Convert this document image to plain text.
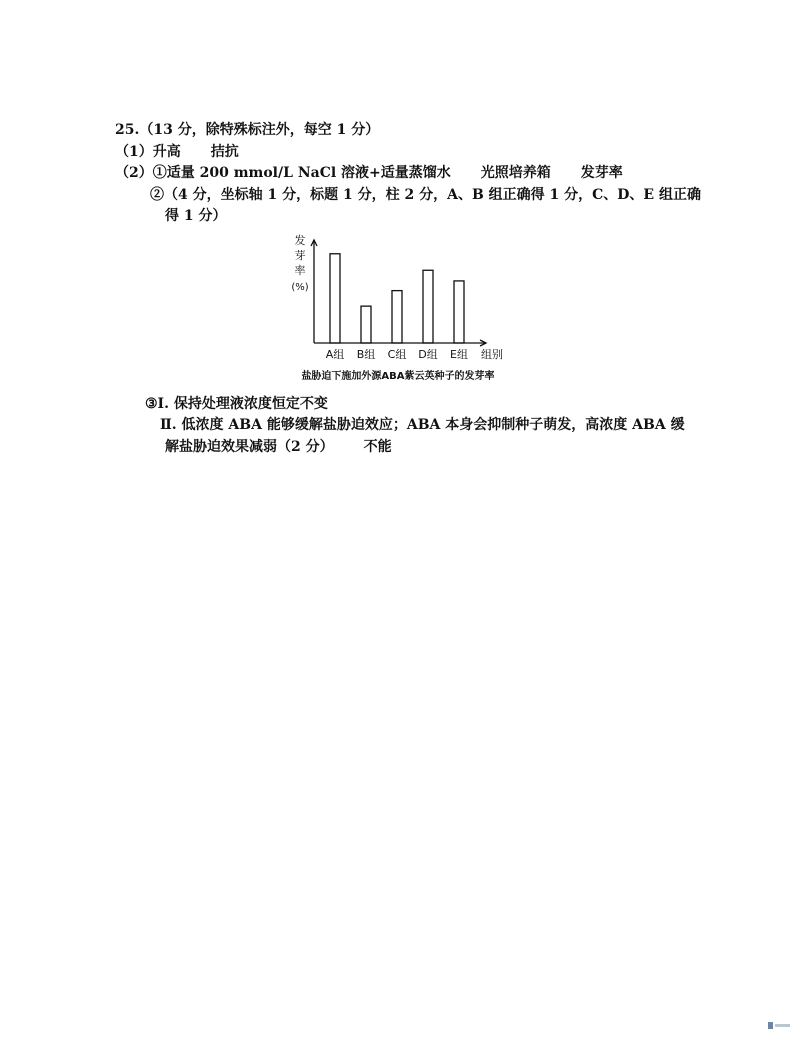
25.（13 分，除特殊标注外，每空 1 分）
（1）升高 拮抗
（2）①适量 200 mmol/L NaCl 溶液+适量蒸馏水 光照培养箱 发芽率
②（4 分，坐标轴 1 分，标题 1 分，柱 2 分，A、B 组正确得 1 分，C、D、E 组正确
得 1 分）
发
芽
率
(%)
A组 B组 C组 D组 E组 组别
盐胁迫下施加外源ABA紫云英种子的发芽率
③Ⅰ. 保持处理液浓度恒定不变
Ⅱ. 低浓度 ABA 能够缓解盐胁迫效应；ABA 本身会抑制种子萌发，高浓度 ABA 缓
解盐胁迫效果减弱（2 分） 不能
